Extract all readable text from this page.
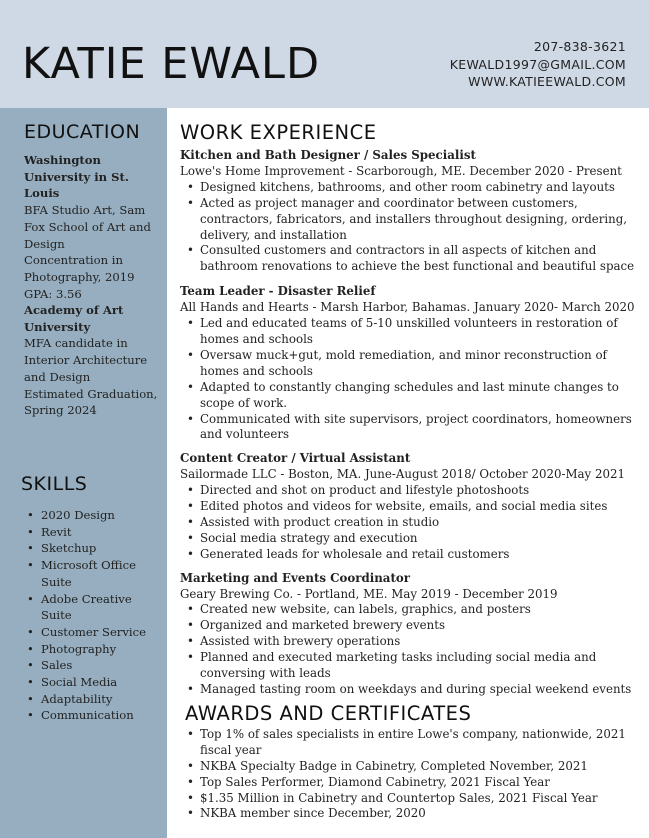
KATIE EWALD	207-838-3621
KEWALD1997@GMAIL.COM
WWW.KATIEEWALD.COM
EDUCATION
Washington University in St. Louis
BFA Studio Art, Sam Fox School of Art and Design
Concentration in Photography, 2019
GPA: 3.56
Academy of Art University
MFA candidate in Interior Architecture and Design
Estimated Graduation, Spring 2024
SKILLS
• 2020 Design
• Revit
• Sketchup
• Microsoft Office Suite
• Adobe Creative Suite
• Customer Service
• Photography
• Sales
• Social Media
• Adaptability
• Communication
WORK EXPERIENCE
Kitchen and Bath Designer / Sales Specialist
Lowe's Home Improvement - Scarborough, ME. December 2020 - Present
• Designed kitchens, bathrooms, and other room cabinetry and layouts
• Acted as project manager and coordinator between customers, contractors, fabricators, and installers throughout designing, ordering, delivery, and installation
• Consulted customers and contractors in all aspects of kitchen and bathroom renovations to achieve the best functional and beautiful space
Team Leader - Disaster Relief
All Hands and Hearts - Marsh Harbor, Bahamas. January 2020- March 2020
• Led and educated teams of 5-10 unskilled volunteers in restoration of homes and schools
• Oversaw muck+gut, mold remediation, and minor reconstruction of homes and schools
• Adapted to constantly changing schedules and last minute changes to scope of work.
• Communicated with site supervisors, project coordinators, homeowners and volunteers
Content Creator / Virtual Assistant
Sailormade LLC - Boston, MA. June-August 2018/ October 2020-May 2021
• Directed and shot on product and lifestyle photoshoots
• Edited photos and videos for website, emails, and social media sites
• Assisted with product creation in studio
• Social media strategy and execution
• Generated leads for wholesale and retail customers
Marketing and Events Coordinator
Geary Brewing Co. - Portland, ME. May 2019 - December 2019
• Created new website, can labels, graphics, and posters
• Organized and marketed brewery events
• Assisted with brewery operations
• Planned and executed marketing tasks including social media and conversing with leads
• Managed tasting room on weekdays and during special weekend events
AWARDS AND CERTIFICATES
• Top 1% of sales specialists in entire Lowe's company, nationwide, 2021 fiscal year
• NKBA Specialty Badge in Cabinetry, Completed November, 2021
• Top Sales Performer, Diamond Cabinetry, 2021 Fiscal Year
• $1.35 Million in Cabinetry and Countertop Sales, 2021 Fiscal Year
• NKBA member since December, 2020
